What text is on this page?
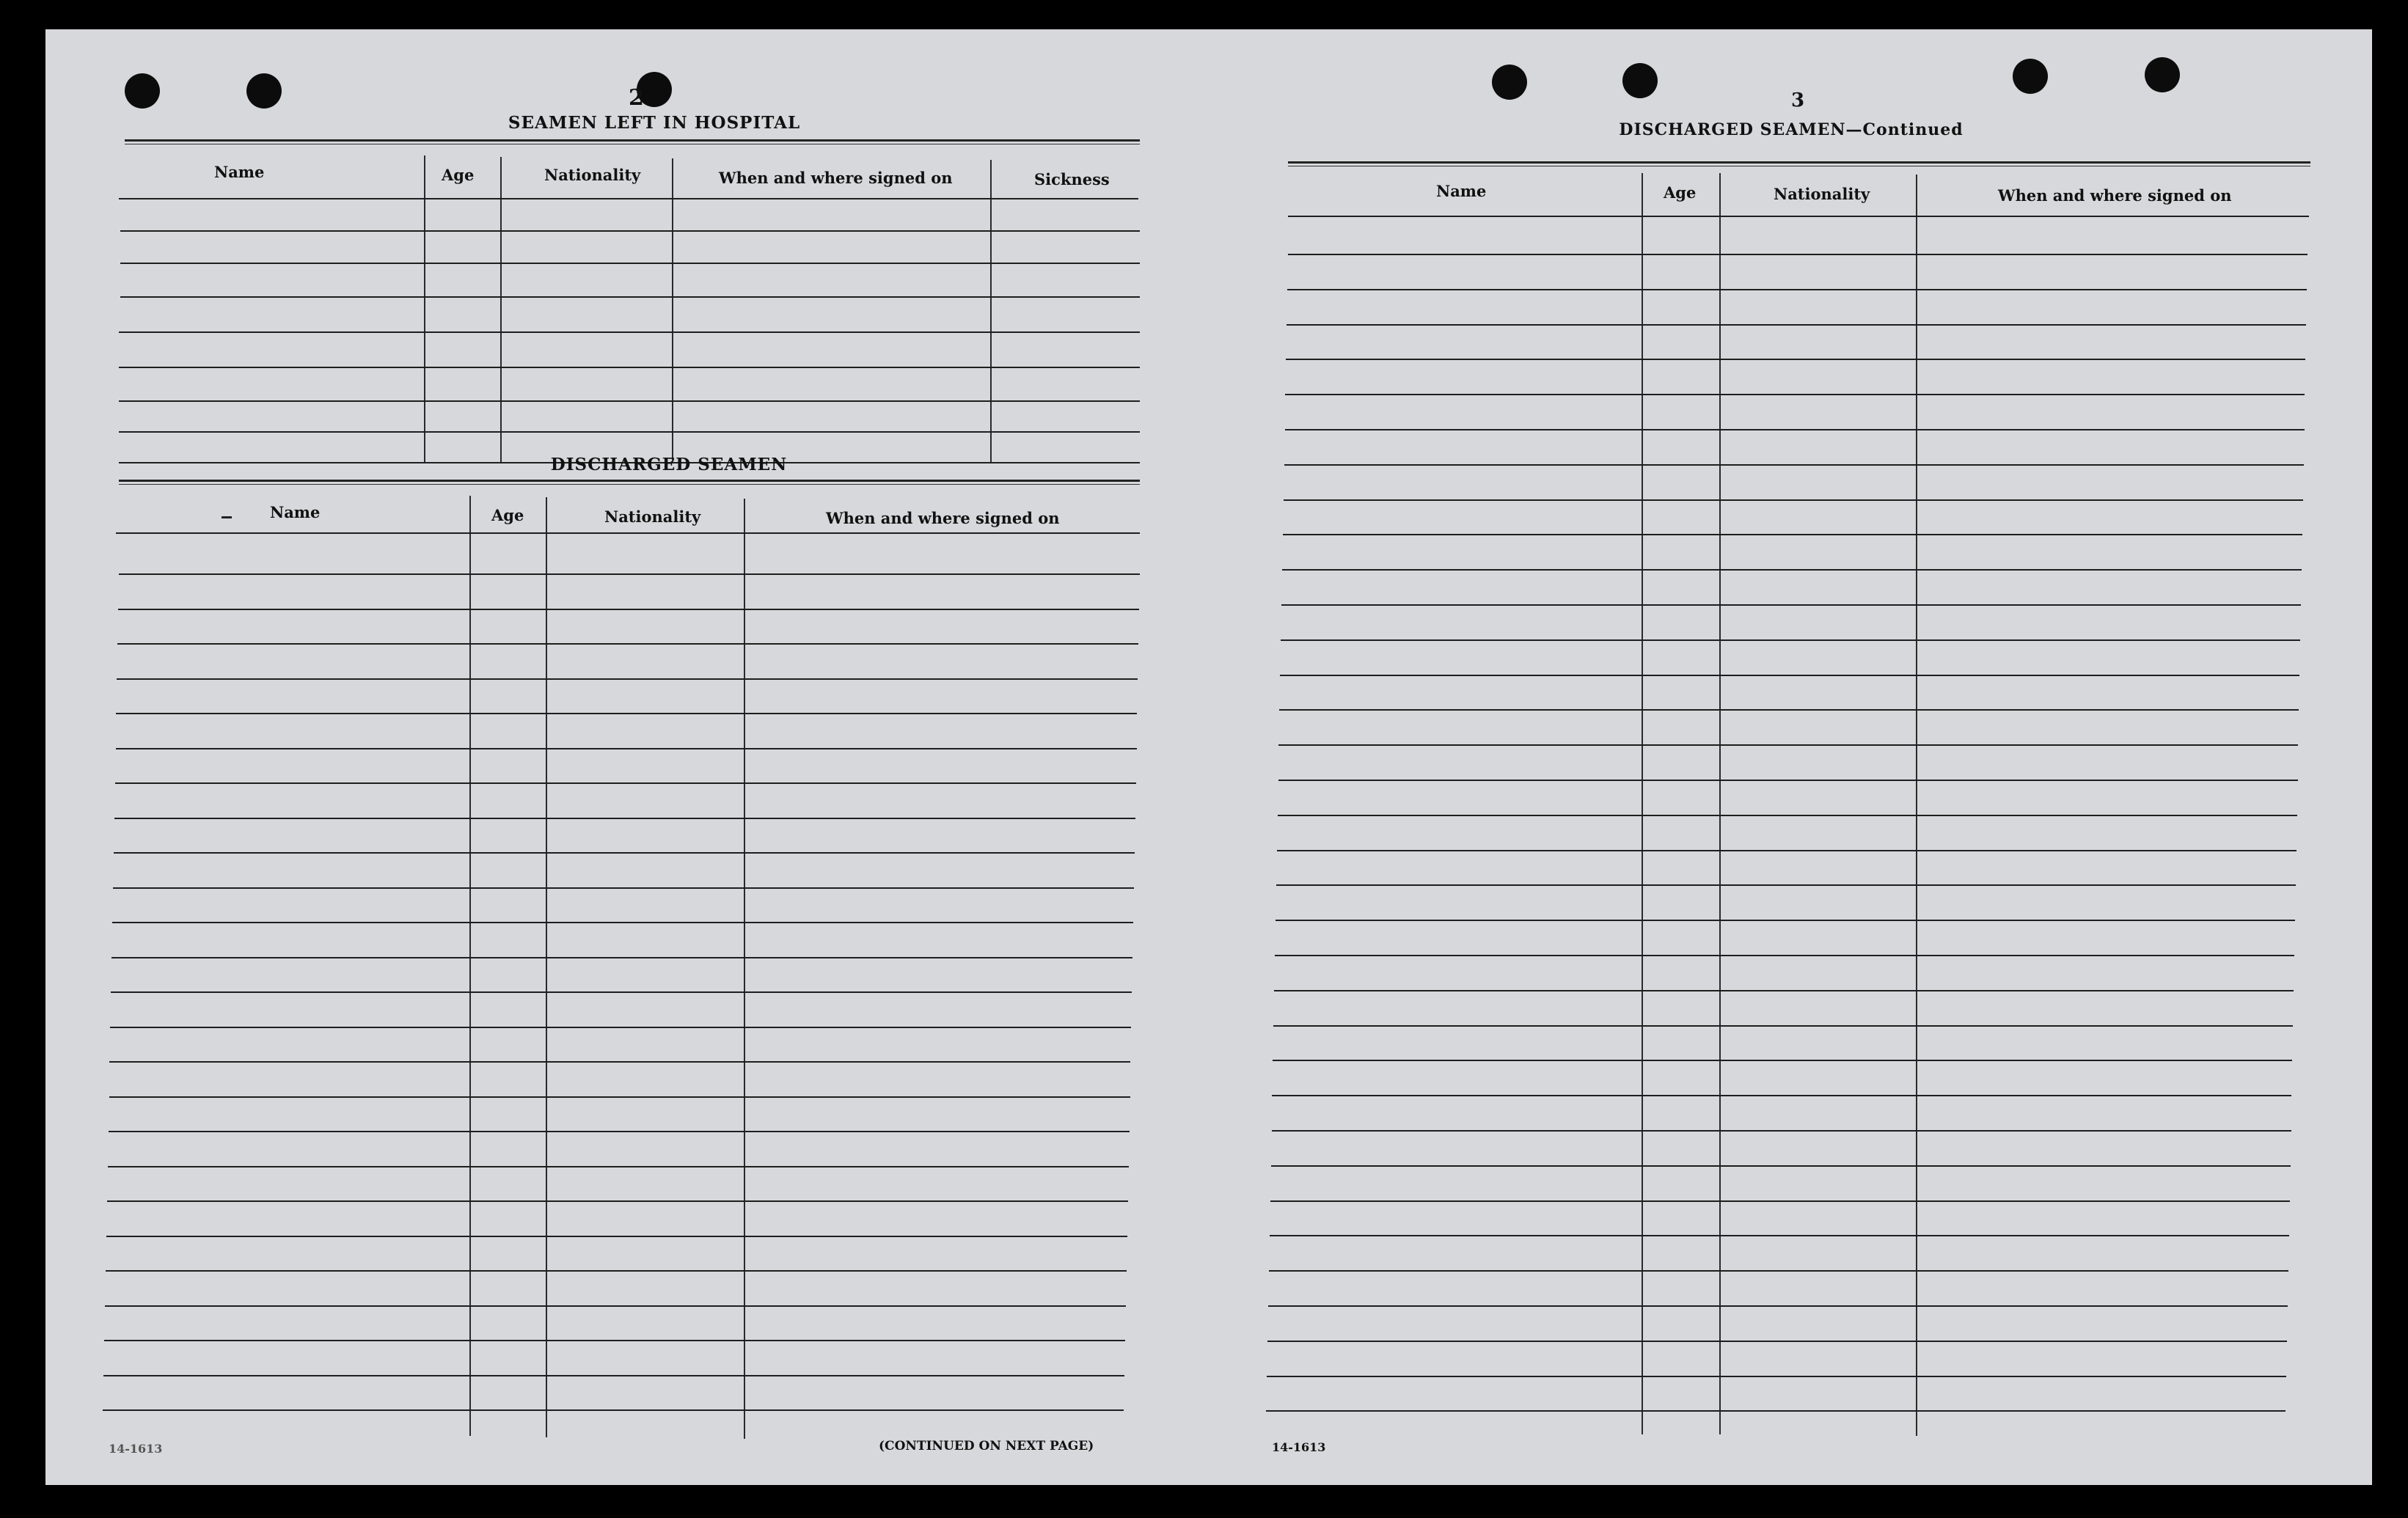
2
SEAMEN LEFT IN HOSPITAL
Name	Age	Nationality	When and where signed on	Sickness
DISCHARGED SEAMEN
Name	Age	Nationality	When and where signed on
14-1613	(CONTINUED ON NEXT PAGE)
3
DISCHARGED SEAMEN—Continued
Name	Age	Nationality	When and where signed on
14-1613
